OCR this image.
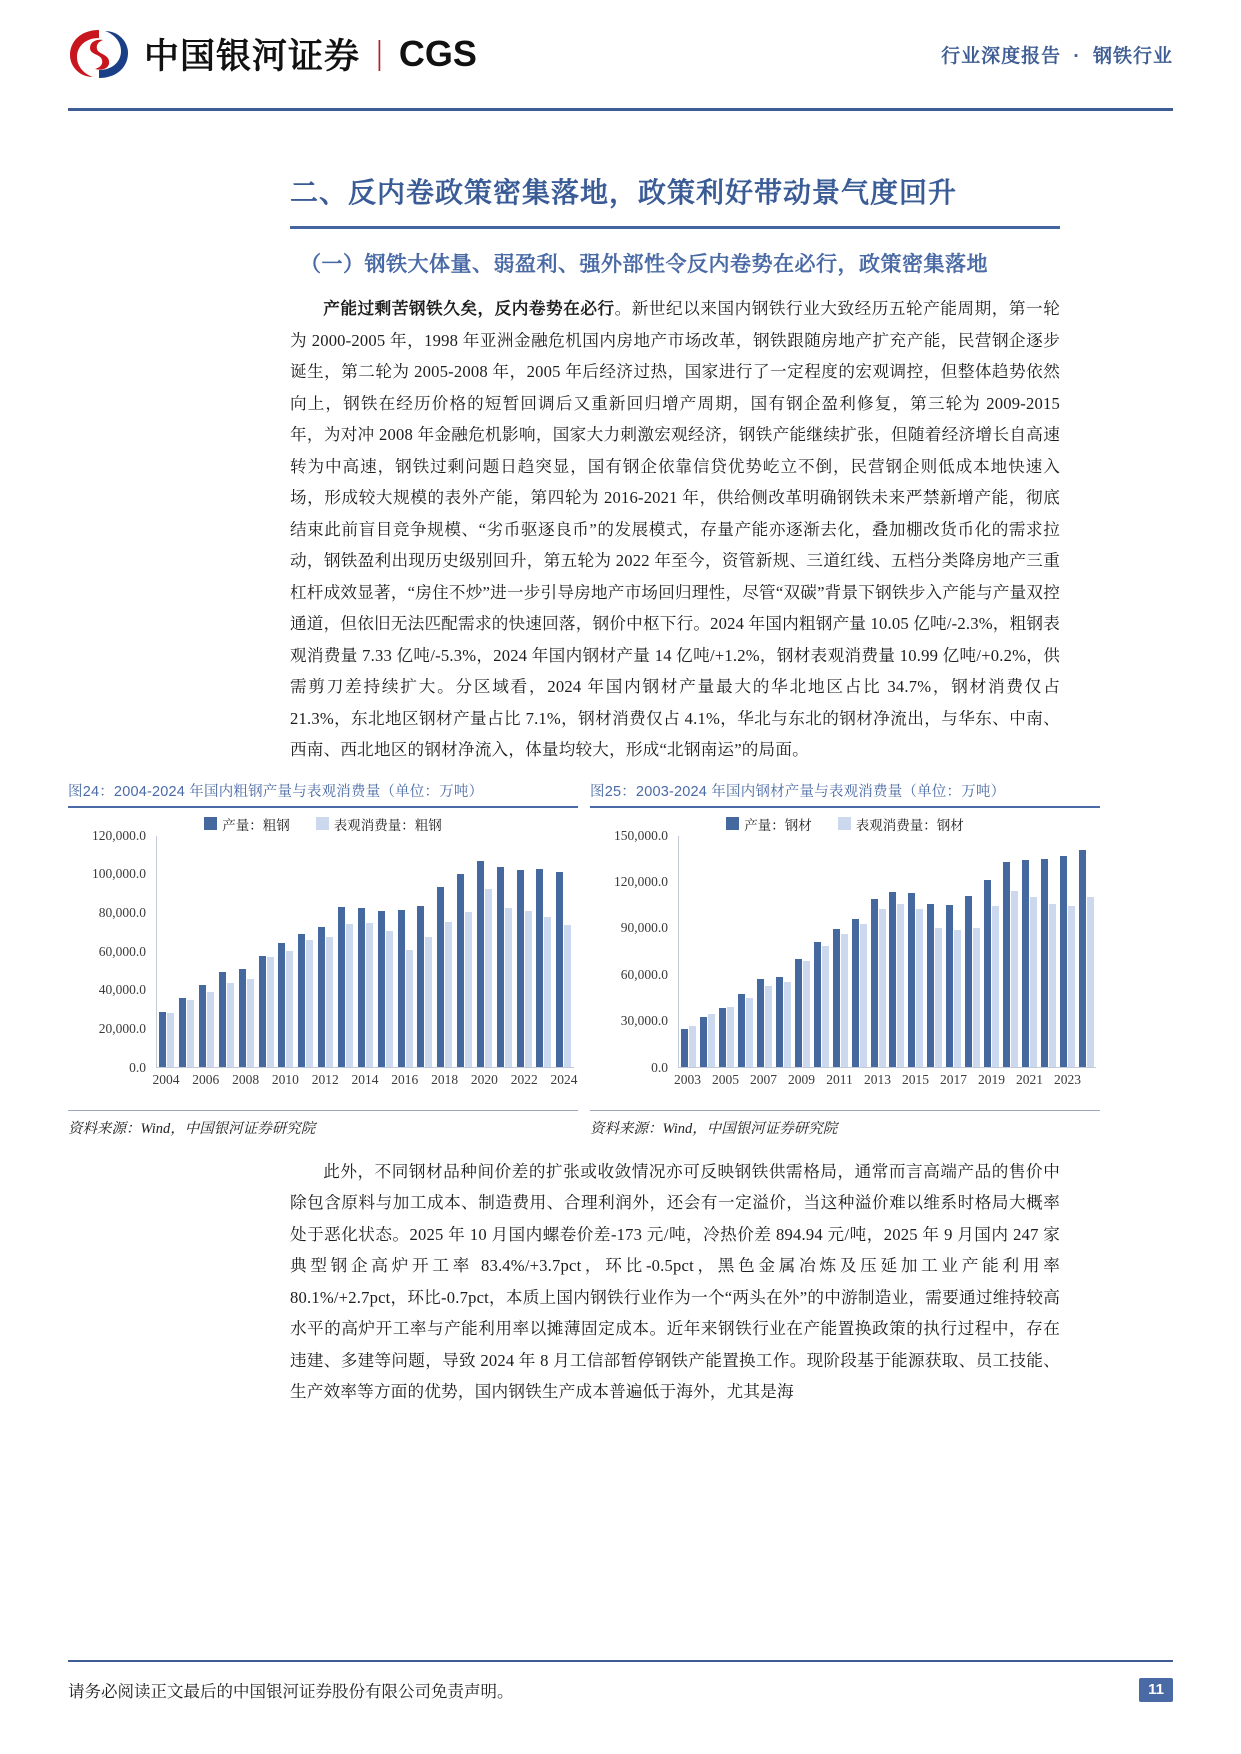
中国银河证券 | CGS	行业深度报告 · 钢铁行业
二、反内卷政策密集落地，政策利好带动景气度回升
（一）钢铁大体量、弱盈利、强外部性令反内卷势在必行，政策密集落地

产能过剩苦钢铁久矣，反内卷势在必行。新世纪以来国内钢铁行业大致经历五轮产能周期，第一轮为 2000-2005 年，1998 年亚洲金融危机国内房地产市场改革，钢铁跟随房地产扩充产能，民营钢企逐步诞生，第二轮为 2005-2008 年，2005 年后经济过热，国家进行了一定程度的宏观调控，但整体趋势依然向上，钢铁在经历价格的短暂回调后又重新回归增产周期，国有钢企盈利修复，第三轮为 2009-2015 年，为对冲 2008 年金融危机影响，国家大力刺激宏观经济，钢铁产能继续扩张，但随着经济增长自高速转为中高速，钢铁过剩问题日趋突显，国有钢企依靠信贷优势屹立不倒，民营钢企则低成本地快速入场，形成较大规模的表外产能，第四轮为 2016-2021 年，供给侧改革明确钢铁未来严禁新增产能，彻底结束此前盲目竞争规模、“劣币驱逐良币”的发展模式，存量产能亦逐渐去化，叠加棚改货币化的需求拉动，钢铁盈利出现历史级别回升，第五轮为 2022 年至今，资管新规、三道红线、五档分类降房地产三重杠杆成效显著，“房住不炒”进一步引导房地产市场回归理性，尽管“双碳”背景下钢铁步入产能与产量双控通道，但依旧无法匹配需求的快速回落，钢价中枢下行。2024 年国内粗钢产量 10.05 亿吨/-2.3%，粗钢表观消费量 7.33 亿吨/-5.3%，2024 年国内钢材产量 14 亿吨/+1.2%，钢材表观消费量 10.99 亿吨/+0.2%，供需剪刀差持续扩大。分区域看，2024 年国内钢材产量最大的华北地区占比 34.7%，钢材消费仅占 21.3%，东北地区钢材产量占比 7.1%，钢材消费仅占 4.1%，华北与东北的钢材净流出，与华东、中南、西南、西北地区的钢材净流入，体量均较大，形成“北钢南运”的局面。

图24：2004-2024 年国内粗钢产量与表观消费量（单位：万吨）
产量：粗钢	表观消费量：粗钢
0.0
20,000.0
40,000.0
60,000.0
80,000.0
100,000.0
120,000.0
2004 2006 2008 2010 2012 2014 2016 2018 2020 2022 2024
资料来源：Wind，中国银河证券研究院
图25：2003-2024 年国内钢材产量与表观消费量（单位：万吨）
产量：钢材	表观消费量：钢材
0.0
30,000.0
60,000.0
90,000.0
120,000.0
150,000.0
2003 2005 2007 2009 2011 2013 2015 2017 2019 2021 2023
资料来源：Wind，中国银河证券研究院

此外，不同钢材品种间价差的扩张或收敛情况亦可反映钢铁供需格局，通常而言高端产品的售价中除包含原料与加工成本、制造费用、合理利润外，还会有一定溢价，当这种溢价难以维系时格局大概率处于恶化状态。2025 年 10 月国内螺卷价差-173 元/吨，冷热价差 894.94 元/吨，2025 年 9 月国内 247 家典型钢企高炉开工率 83.4%/+3.7pct，环比-0.5pct，黑色金属冶炼及压延加工业产能利用率 80.1%/+2.7pct，环比-0.7pct，本质上国内钢铁行业作为一个“两头在外”的中游制造业，需要通过维持较高水平的高炉开工率与产能利用率以摊薄固定成本。近年来钢铁行业在产能置换政策的执行过程中，存在违建、多建等问题，导致 2024 年 8 月工信部暂停钢铁产能置换工作。现阶段基于能源获取、员工技能、生产效率等方面的优势，国内钢铁生产成本普遍低于海外，尤其是海

请务必阅读正文最后的中国银河证券股份有限公司免责声明。	11
